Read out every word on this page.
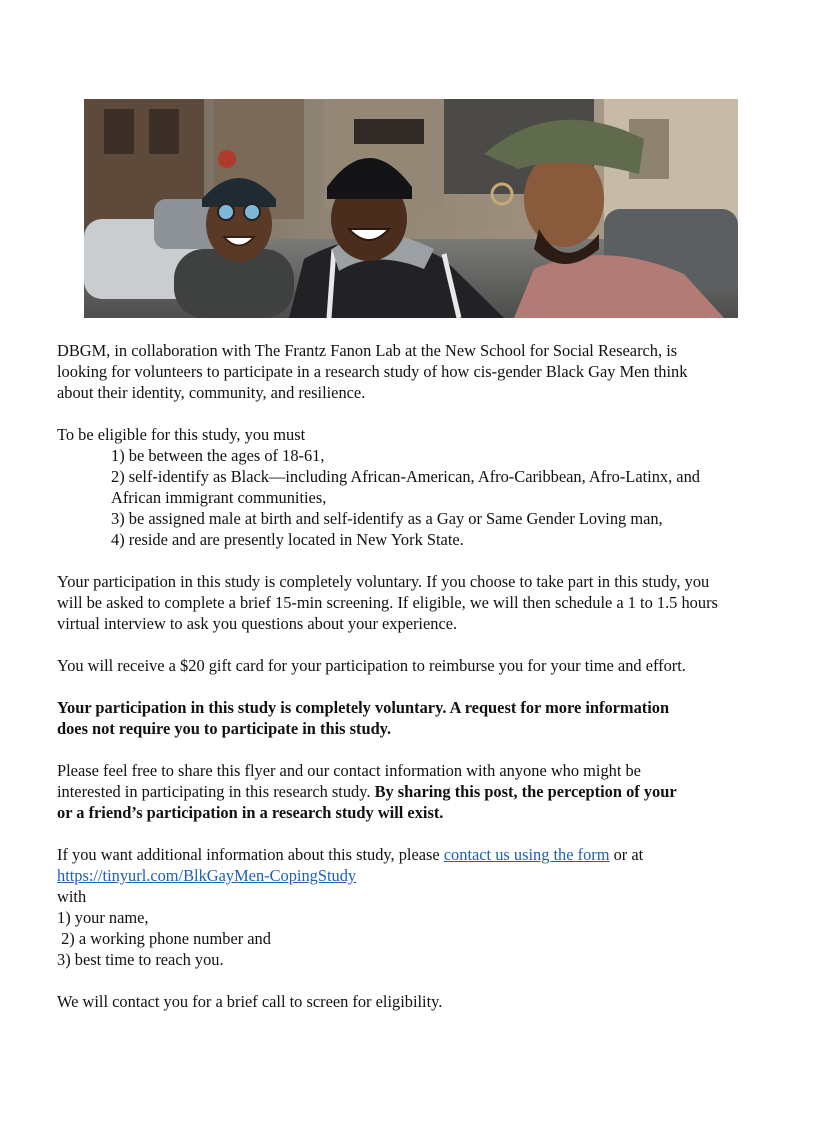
DBGM, in collaboration with The Frantz Fanon Lab at the New School for Social Research, is

looking for volunteers to participate in a research study of how cis-gender Black Gay Men think

about their identity, community, and resilience.

To be eligible for this study, you must

1) be between the ages of 18-61,

2) self-identify as Black—including African-American, Afro-Caribbean, Afro-Latinx, and

African immigrant communities,

3) be assigned male at birth and self-identify as a Gay or Same Gender Loving man,

4) reside and are presently located in New York State.

Your participation in this study is completely voluntary. If you choose to take part in this study, you

will be asked to complete a brief 15-min screening. If eligible, we will then schedule a 1 to 1.5 hours

virtual interview to ask you questions about your experience.

You will receive a $20 gift card for your participation to reimburse you for your time and effort.

Your participation in this study is completely voluntary. A request for more information

does not require you to participate in this study.

Please feel free to share this flyer and our contact information with anyone who might be

interested in participating in this research study. By sharing this post, the perception of your

or a friend’s participation in a research study will exist.

If you want additional information about this study, please contact us using the form or at

https://tinyurl.com/BlkGayMen-CopingStudy

with

1) your name,

2) a working phone number and

3) best time to reach you.

We will contact you for a brief call to screen for eligibility.
